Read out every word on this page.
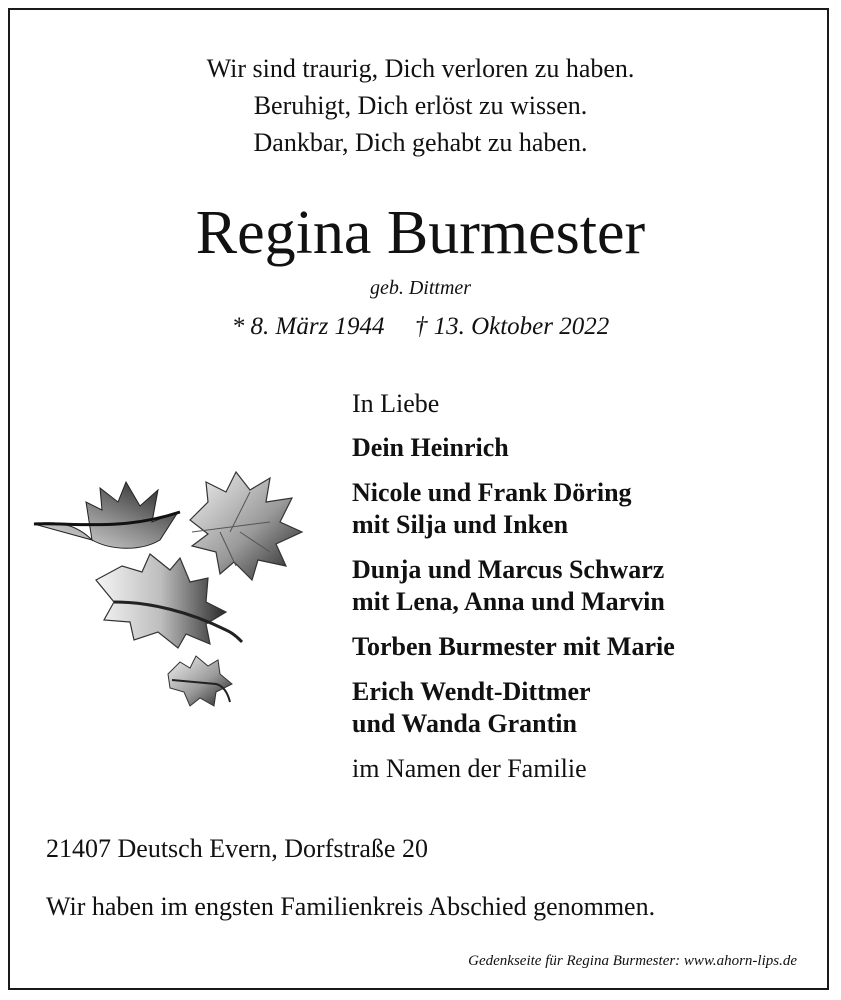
Wir sind traurig, Dich verloren zu haben.
Beruhigt, Dich erlöst zu wissen.
Dankbar, Dich gehabt zu haben.
Regina Burmester
geb. Dittmer
* 8. März 1944 † 13. Oktober 2022
In Liebe
Dein Heinrich
Nicole und Frank Döring
mit Silja und Inken
Dunja und Marcus Schwarz
mit Lena, Anna und Marvin
Torben Burmester mit Marie
Erich Wendt-Dittmer
und Wanda Grantin
im Namen der Familie
21407 Deutsch Evern, Dorfstraße 20
Wir haben im engsten Familienkreis Abschied genommen.
Gedenkseite für Regina Burmester: www.ahorn-lips.de
